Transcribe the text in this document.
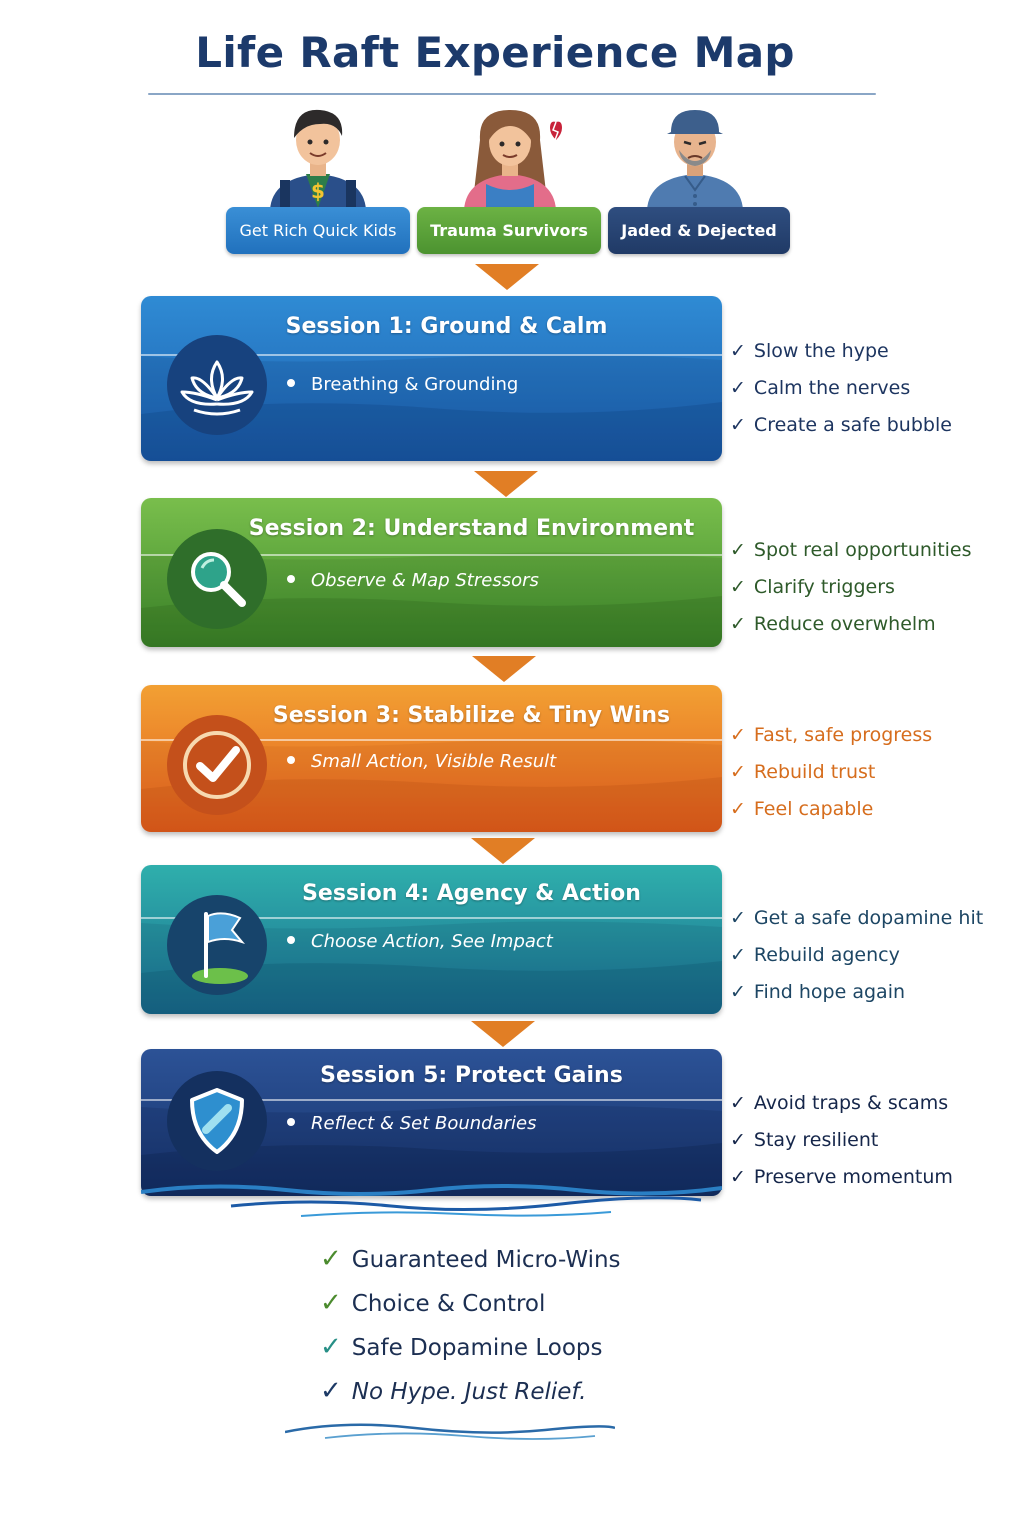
Life Raft Experience Map
$
Get Rich Quick Kids	Trauma Survivors	Jaded & Dejected
Session 1: Ground & Calm
Breathing & Grounding
✓ Slow the hype
✓ Calm the nerves
✓ Create a safe bubble
Session 2: Understand Environment
Observe & Map Stressors
✓ Spot real opportunities
✓ Clarify triggers
✓ Reduce overwhelm
Session 3: Stabilize & Tiny Wins
Small Action, Visible Result
✓ Fast, safe progress
✓ Rebuild trust
✓ Feel capable
Session 4: Agency & Action
Choose Action, See Impact
✓ Get a safe dopamine hit
✓ Rebuild agency
✓ Find hope again
Session 5: Protect Gains
Reflect & Set Boundaries
✓ Avoid traps & scams
✓ Stay resilient
✓ Preserve momentum
✓ Guaranteed Micro-Wins
✓ Choice & Control
✓ Safe Dopamine Loops
✓ No Hype. Just Relief.
